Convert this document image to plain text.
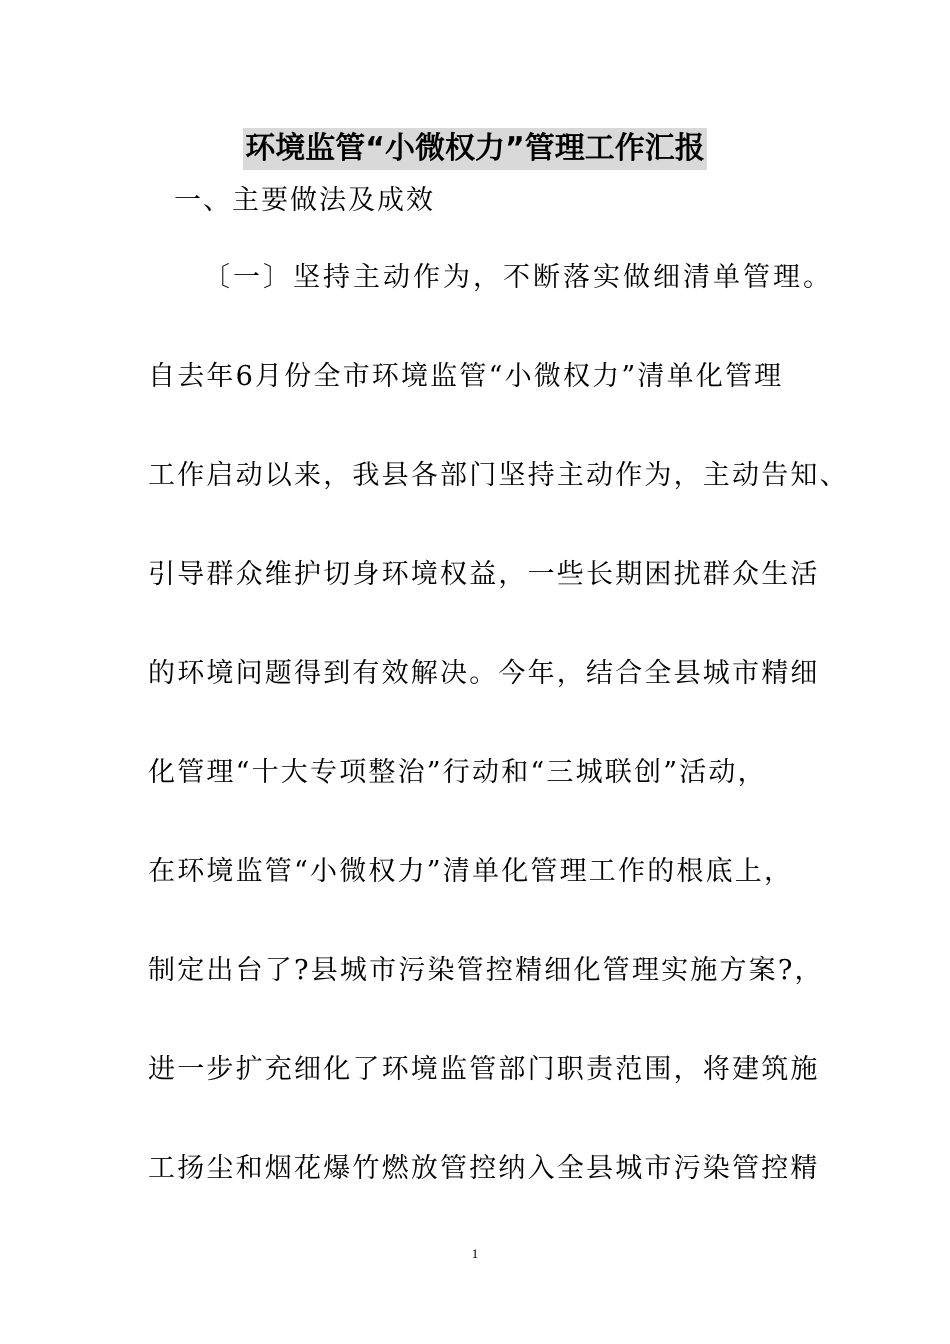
环境监管“小微权力”管理工作汇报
一、主要做法及成效
〔一〕坚持主动作为，不断落实做细清单管理。
自去年6月份全市环境监管“小微权力”清单化管理
工作启动以来，我县各部门坚持主动作为，主动告知、
引导群众维护切身环境权益，一些长期困扰群众生活
的环境问题得到有效解决。今年，结合全县城市精细
化管理“十大专项整治”行动和“三城联创”活动，
在环境监管“小微权力”清单化管理工作的根底上，
制定出台了?县城市污染管控精细化管理实施方案?，
进一步扩充细化了环境监管部门职责范围，将建筑施
工扬尘和烟花爆竹燃放管控纳入全县城市污染管控精
1
